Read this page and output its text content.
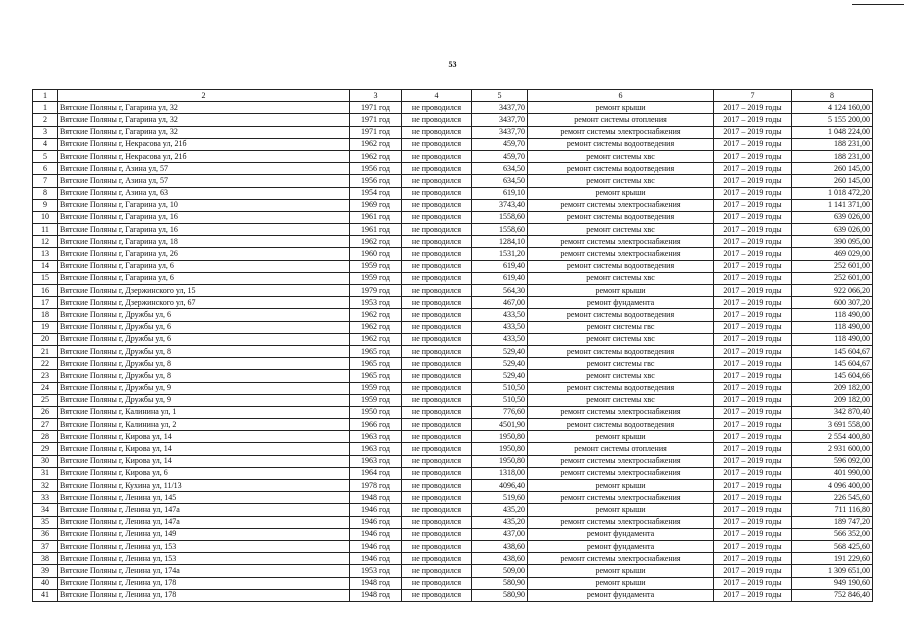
53
1	2	3	4	5	6	7	8
1	Вятские Поляны г, Гагарина ул, 32	1971 год	не проводился	3437,70	ремонт крыши	2017 – 2019 годы	4 124 160,00
2	Вятские Поляны г, Гагарина ул, 32	1971 год	не проводился	3437,70	ремонт системы отопления	2017 – 2019 годы	5 155 200,00
3	Вятские Поляны г, Гагарина ул, 32	1971 год	не проводился	3437,70	ремонт системы электроснабжения	2017 – 2019 годы	1 048 224,00
4	Вятские Поляны г, Некрасова ул, 21б	1962 год	не проводился	459,70	ремонт системы водоотведения	2017 – 2019 годы	188 231,00
5	Вятские Поляны г, Некрасова ул, 21б	1962 год	не проводился	459,70	ремонт системы хвс	2017 – 2019 годы	188 231,00
6	Вятские Поляны г, Азина ул, 57	1956 год	не проводился	634,50	ремонт системы водоотведения	2017 – 2019 годы	260 145,00
7	Вятские Поляны г, Азина ул, 57	1956 год	не проводился	634,50	ремонт системы хвс	2017 – 2019 годы	260 145,00
8	Вятские Поляны г, Азина ул, 63	1954 год	не проводился	619,10	ремонт крыши	2017 – 2019 годы	1 018 472,20
9	Вятские Поляны г, Гагарина ул, 10	1969 год	не проводился	3743,40	ремонт системы электроснабжения	2017 – 2019 годы	1 141 371,00
10	Вятские Поляны г, Гагарина ул, 16	1961 год	не проводился	1558,60	ремонт системы водоотведения	2017 – 2019 годы	639 026,00
11	Вятские Поляны г, Гагарина ул, 16	1961 год	не проводился	1558,60	ремонт системы хвс	2017 – 2019 годы	639 026,00
12	Вятские Поляны г, Гагарина ул, 18	1962 год	не проводился	1284,10	ремонт системы электроснабжения	2017 – 2019 годы	390 095,00
13	Вятские Поляны г, Гагарина ул, 26	1960 год	не проводился	1531,20	ремонт системы электроснабжения	2017 – 2019 годы	469 029,00
14	Вятские Поляны г, Гагарина ул, 6	1959 год	не проводился	619,40	ремонт системы водоотведения	2017 – 2019 годы	252 601,00
15	Вятские Поляны г, Гагарина ул, 6	1959 год	не проводился	619,40	ремонт системы хвс	2017 – 2019 годы	252 601,00
16	Вятские Поляны г, Дзержинского ул, 15	1979 год	не проводился	564,30	ремонт крыши	2017 – 2019 годы	922 066,20
17	Вятские Поляны г, Дзержинского ул, 67	1953 год	не проводился	467,00	ремонт фундамента	2017 – 2019 годы	600 307,20
18	Вятские Поляны г, Дружбы ул, 6	1962 год	не проводился	433,50	ремонт системы водоотведения	2017 – 2019 годы	118 490,00
19	Вятские Поляны г, Дружбы ул, 6	1962 год	не проводился	433,50	ремонт системы гвс	2017 – 2019 годы	118 490,00
20	Вятские Поляны г, Дружбы ул, 6	1962 год	не проводился	433,50	ремонт системы хвс	2017 – 2019 годы	118 490,00
21	Вятские Поляны г, Дружбы ул, 8	1965 год	не проводился	529,40	ремонт системы водоотведения	2017 – 2019 годы	145 604,67
22	Вятские Поляны г, Дружбы ул, 8	1965 год	не проводился	529,40	ремонт системы гвс	2017 – 2019 годы	145 604,67
23	Вятские Поляны г, Дружбы ул, 8	1965 год	не проводился	529,40	ремонт системы хвс	2017 – 2019 годы	145 604,66
24	Вятские Поляны г, Дружбы ул, 9	1959 год	не проводился	510,50	ремонт системы водоотведения	2017 – 2019 годы	209 182,00
25	Вятские Поляны г, Дружбы ул, 9	1959 год	не проводился	510,50	ремонт системы хвс	2017 – 2019 годы	209 182,00
26	Вятские Поляны г, Калинина ул, 1	1950 год	не проводился	776,60	ремонт системы электроснабжения	2017 – 2019 годы	342 870,40
27	Вятские Поляны г, Калинина ул, 2	1966 год	не проводился	4501,90	ремонт системы водоотведения	2017 – 2019 годы	3 691 558,00
28	Вятские Поляны г, Кирова ул, 14	1963 год	не проводился	1950,80	ремонт крыши	2017 – 2019 годы	2 554 400,80
29	Вятские Поляны г, Кирова ул, 14	1963 год	не проводился	1950,80	ремонт системы отопления	2017 – 2019 годы	2 931 600,00
30	Вятские Поляны г, Кирова ул, 14	1963 год	не проводился	1950,80	ремонт системы электроснабжения	2017 – 2019 годы	596 092,00
31	Вятские Поляны г, Кирова ул, 6	1964 год	не проводился	1318,00	ремонт системы электроснабжения	2017 – 2019 годы	401 990,00
32	Вятские Поляны г, Кухина ул, 11/13	1978 год	не проводился	4096,40	ремонт крыши	2017 – 2019 годы	4 096 400,00
33	Вятские Поляны г, Ленина ул, 145	1948 год	не проводился	519,60	ремонт системы электроснабжения	2017 – 2019 годы	226 545,60
34	Вятские Поляны г, Ленина ул, 147а	1946 год	не проводился	435,20	ремонт крыши	2017 – 2019 годы	711 116,80
35	Вятские Поляны г, Ленина ул, 147а	1946 год	не проводился	435,20	ремонт системы электроснабжения	2017 – 2019 годы	189 747,20
36	Вятские Поляны г, Ленина ул, 149	1946 год	не проводился	437,00	ремонт фундамента	2017 – 2019 годы	566 352,00
37	Вятские Поляны г, Ленина ул, 153	1946 год	не проводился	438,60	ремонт фундамента	2017 – 2019 годы	568 425,60
38	Вятские Поляны г, Ленина ул, 153	1946 год	не проводился	438,60	ремонт системы электроснабжения	2017 – 2019 годы	191 229,60
39	Вятские Поляны г, Ленина ул, 174а	1953 год	не проводился	509,00	ремонт крыши	2017 – 2019 годы	1 309 651,00
40	Вятские Поляны г, Ленина ул, 178	1948 год	не проводился	580,90	ремонт крыши	2017 – 2019 годы	949 190,60
41	Вятские Поляны г, Ленина ул, 178	1948 год	не проводился	580,90	ремонт фундамента	2017 – 2019 годы	752 846,40
